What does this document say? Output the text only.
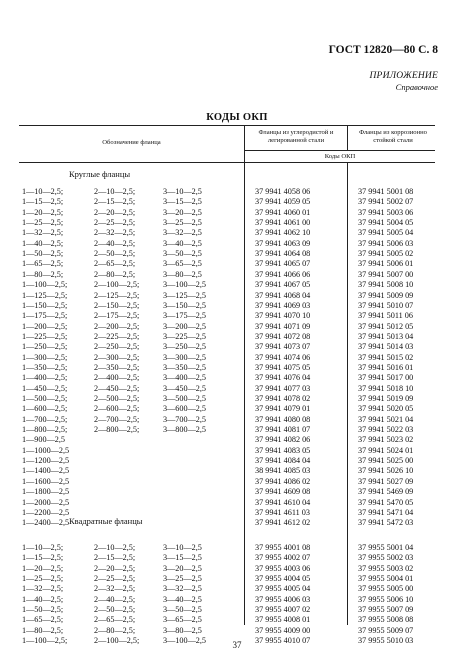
ГОСТ 12820—80 С. 8
ПРИЛОЖЕНИЕ
Справочное
КОДЫ ОКП
Обозначение фланца
Фланцы из углеродистой и легированной стали
Фланцы из коррозионно стойкой стали
Коды ОКП
Круглые фланцы
1—10—2,5;	2—10—2,5;	3—10—2,5	37 9941 4058 06	37 9941 5001 08
1—15—2,5;	2—15—2,5;	3—15—2,5	37 9941 4059 05	37 9941 5002 07
1—20—2,5;	2—20—2,5;	3—20—2,5	37 9941 4060 01	37 9941 5003 06
1—25—2,5;	2—25—2,5;	3—25—2,5	37 9941 4061 00	37 9941 5004 05
1—32—2,5;	2—32—2,5;	3—32—2,5	37 9941 4062 10	37 9941 5005 04
1—40—2,5;	2—40—2,5;	3—40—2,5	37 9941 4063 09	37 9941 5006 03
1—50—2,5;	2—50—2,5;	3—50—2,5	37 9941 4064 08	37 9941 5005 02
1—65—2,5;	2—65—2,5;	3—65—2,5	37 9941 4065 07	37 9941 5006 01
1—80—2,5;	2—80—2,5;	3—80—2,5	37 9941 4066 06	37 9941 5007 00
1—100—2,5;	2—100—2,5;	3—100—2,5	37 9941 4067 05	37 9941 5008 10
1—125—2,5;	2—125—2,5;	3—125—2,5	37 9941 4068 04	37 9941 5009 09
1—150—2,5;	2—150—2,5;	3—150—2,5	37 9941 4069 03	37 9941 5010 07
1—175—2,5;	2—175—2,5;	3—175—2,5	37 9941 4070 10	37 9941 5011 06
1—200—2,5;	2—200—2,5;	3—200—2,5	37 9941 4071 09	37 9941 5012 05
1—225—2,5;	2—225—2,5;	3—225—2,5	37 9941 4072 08	37 9941 5013 04
1—250—2,5;	2—250—2,5;	3—250—2,5	37 9941 4073 07	37 9941 5014 03
1—300—2,5;	2—300—2,5;	3—300—2,5	37 9941 4074 06	37 9941 5015 02
1—350—2,5;	2—350—2,5;	3—350—2,5	37 9941 4075 05	37 9941 5016 01
1—400—2,5;	2—400—2,5;	3—400—2,5	37 9941 4076 04	37 9941 5017 00
1—450—2,5;	2—450—2,5;	3—450—2,5	37 9941 4077 03	37 9941 5018 10
1—500—2,5;	2—500—2,5;	3—500—2,5	37 9941 4078 02	37 9941 5019 09
1—600—2,5;	2—600—2,5;	3—600—2,5	37 9941 4079 01	37 9941 5020 05
1—700—2,5;	2—700—2,5;	3—700—2,5	37 9941 4080 08	37 9941 5021 04
1—800—2,5;	2—800—2,5;	3—800—2,5	37 9941 4081 07	37 9941 5022 03
1—900—2,5	37 9941 4082 06	37 9941 5023 02
1—1000—2,5	37 9941 4083 05	37 9941 5024 01
1—1200—2,5	37 9941 4084 04	37 9941 5025 00
1—1400—2,5	38 9941 4085 03	37 9941 5026 10
1—1600—2,5	37 9941 4086 02	37 9941 5027 09
1—1800—2,5	37 9941 4609 08	37 9941 5469 09
1—2000—2,5	37 9941 4610 04	37 9941 5470 05
1—2200—2,5	37 9941 4611 03	37 9941 5471 04
1—2400—2,5	37 9941 4612 02	37 9941 5472 03
Квадратные фланцы
1—10—2,5;	2—10—2,5;	3—10—2,5	37 9955 4001 08	37 9955 5001 04
1—15—2,5;	2—15—2,5;	3—15—2,5	37 9955 4002 07	37 9955 5002 03
1—20—2,5;	2—20—2,5;	3—20—2,5	37 9955 4003 06	37 9955 5003 02
1—25—2,5;	2—25—2,5;	3—25—2,5	37 9955 4004 05	37 9955 5004 01
1—32—2,5;	2—32—2,5;	3—32—2,5	37 9955 4005 04	37 9955 5005 00
1—40—2,5;	2—40—2,5;	3—40—2,5	37 9955 4006 03	37 9955 5006 10
1—50—2,5;	2—50—2,5;	3—50—2,5	37 9955 4007 02	37 9955 5007 09
1—65—2,5;	2—65—2,5;	3—65—2,5	37 9955 4008 01	37 9955 5008 08
1—80—2,5;	2—80—2,5;	3—80—2,5	37 9955 4009 00	37 9955 5009 07
1—100—2,5;	2—100—2,5;	3—100—2,5	37 9955 4010 07	37 9955 5010 03
37
